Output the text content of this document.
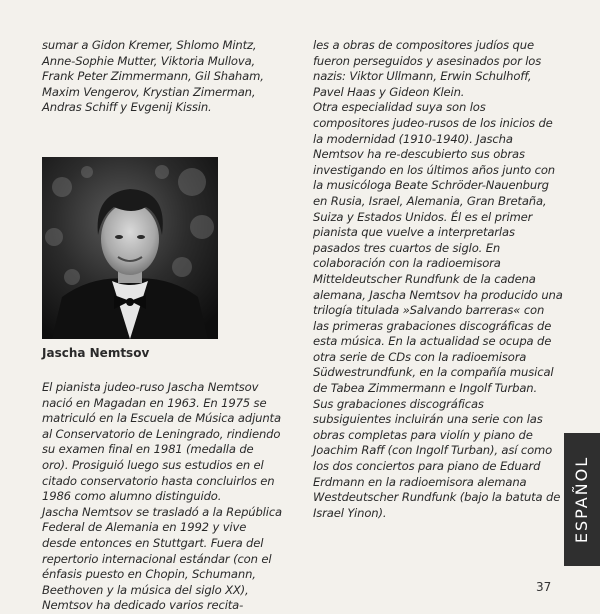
sumar a Gidon Kremer, Shlomo Mintz, Anne-Sophie Mutter, Viktoria Mullova, Frank Peter Zimmermann, Gil Shaham, Maxim Vengerov, Krystian Zimerman, Andras Schiff y Evgenij Kissin.

Jascha Nemtsov

El pianista judeo-ruso Jascha Nemtsov nació en Magadan en 1963. En 1975 se matriculó en la Escuela de Música adjunta al Conservatorio de Leningrado, rindiendo su examen final en 1981 (medalla de oro). Prosiguió luego sus estudios en el citado conservatorio hasta concluirlos en 1986 como alumno distinguido.

Jascha Nemtsov se trasladó a la República Federal de Alemania en 1992 y vive desde entonces en Stuttgart. Fuera del repertorio internacional estándar (con el énfasis puesto en Chopin, Schumann, Beethoven y la música del siglo XX), Nemtsov ha dedicado varios recita-

les a obras de compositores judíos que fueron perseguidos y asesinados por los nazis: Viktor Ullmann, Erwin Schulhoff, Pavel Haas y Gideon Klein.

Otra especialidad suya son los compositores judeo-rusos de los inicios de la modernidad (1910-1940). Jascha Nemtsov ha re-descubierto sus obras investigando en los últimos años junto con la musicóloga Beate Schröder-Nauenburg en Rusia, Israel, Alemania, Gran Bretaña, Suiza y Estados Unidos. Él es el primer pianista que vuelve a interpretarlas pasados tres cuartos de siglo. En colaboración con la radioemisora Mitteldeutscher Rundfunk de la cadena alemana, Jascha Nemtsov ha producido una trilogía titulada »Salvando barreras« con las primeras grabaciones discográficas de esta música. En la actualidad se ocupa de otra serie de CDs con la radioemisora Südwestrundfunk, en la compañía musical de Tabea Zimmermann e Ingolf Turban.

Sus grabaciones discográficas subsiguientes incluirán una serie con las obras completas para violín y piano de Joachim Raff (con Ingolf Turban), así como los dos conciertos para piano de Eduard Erdmann en la radioemisora alemana Westdeutscher Rundfunk (bajo la batuta de Israel Yinon).	ESPAÑOL
37
